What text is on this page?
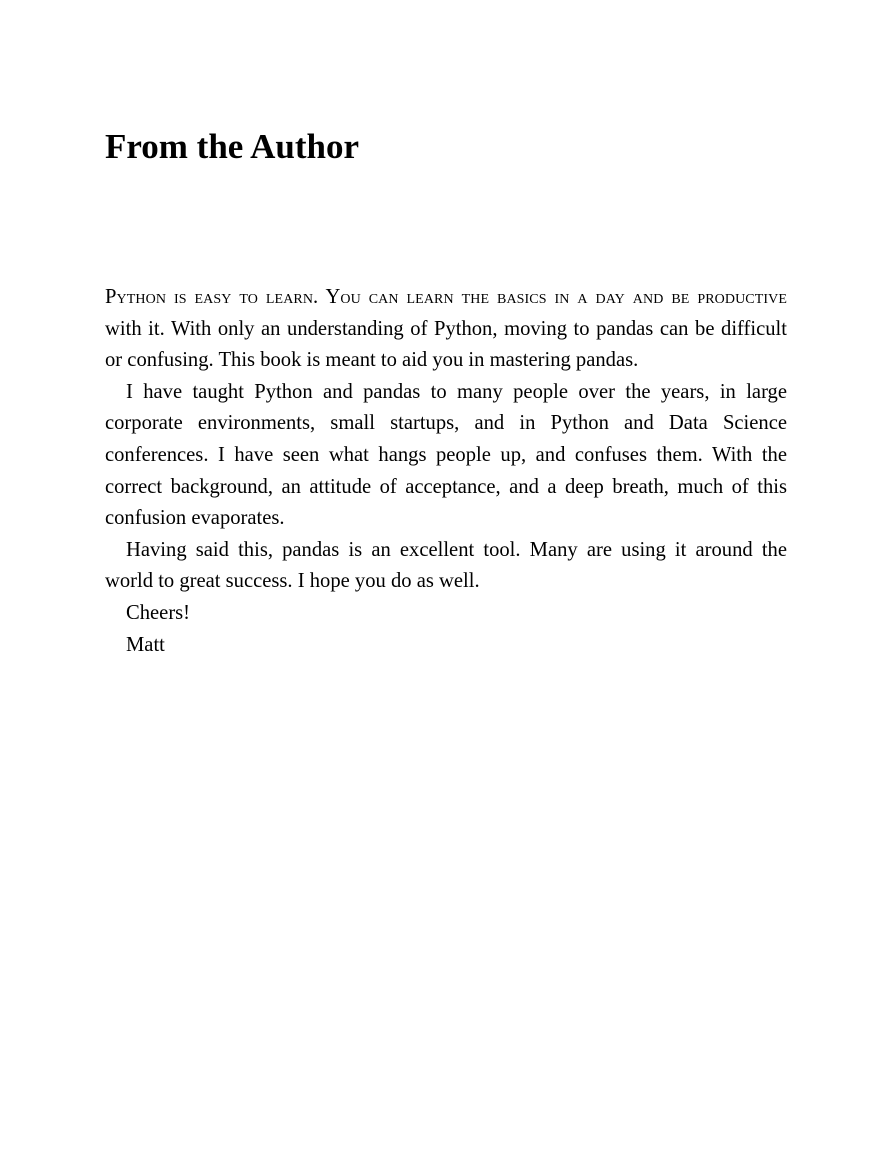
From the Author

Python is easy to learn. You can learn the basics in a day and be productive with it. With only an understanding of Python, moving to pandas can be difficult or confusing. This book is meant to aid you in mastering pandas.

I have taught Python and pandas to many people over the years, in large corporate environments, small startups, and in Python and Data Science conferences. I have seen what hangs people up, and confuses them. With the correct background, an attitude of acceptance, and a deep breath, much of this confusion evaporates.

Having said this, pandas is an excellent tool. Many are using it around the world to great success. I hope you do as well.

Cheers!

Matt
